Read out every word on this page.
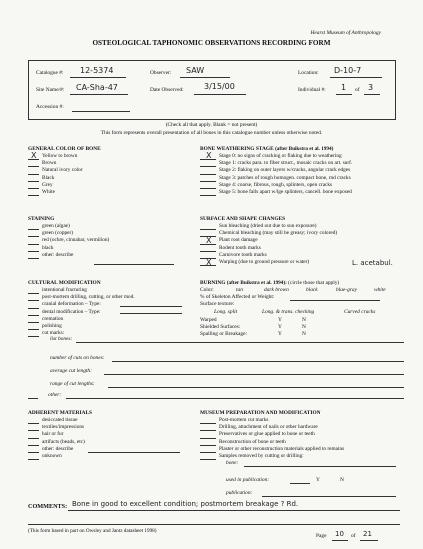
Hearst Museum of Anthropology
OSTEOLOGICAL TAPHONOMIC OBSERVATIONS RECORDING FORM
Catalogue #: 12-5374	Observer: SAW	Location: D-10-7
Site Name/#: CA-Sha-47	Date Observed:	3/15/00	Individual #: 1 of 3
Accession #:
(Check all that apply. Blank = not present)
This form represents overall presentation of all bones in this catalogue number unless otherwise noted.
GENERAL COLOR OF BONE
Yellow to brown
Brown
Natural ivory color
Black
Grey
White
X
BONE WEATHERING STAGE (after Buikstra et al. 1994)
Stage 0: no signs of cracking or flaking due to weathering
Stage 1: cracks para. to fiber struct., mosaic cracks on art. surf.
Stage 2: flaking on outer layers w/cracks, angular crack edges
Stage 3: patches of rough homogen. compact bone, rnd cracks
Stage 4: coarse, fibrous, rough, splinters, open cracks
Stage 5: bone falls apart w/lge splinters, cancell. bone exposed
X
STAINING
green (algae)
green (copper)
red (ochre, cinnabar, vermilion)
black
other: describe
SURFACE AND SHAPE CHANGES
Sun bleaching (dried out due to sun exposure)
Chemical bleaching (may still be greasy; ivory colored)
Plant root damage
Rodent tooth marks
Carnivore tooth marks
Warping (due to ground pressure or water)
X
X	L. acetabul.
CULTURAL MODIFICATION
intentional fracturing
post-mortem drilling, cutting, or other mod.
cranial deformation – Type:
dental modification – Type:
cremation
polishing
cut marks:
list bones:
number of cuts on bones:
average cut length:
range of cut lengths:
other:
BURNING (after Buikstra et al. 1994): (circle those that apply)
Color:	tan	dark brown	black	blue-gray	white
% of Skeleton Affected or Weight:
Surface texture:
Long. split	Long. & trans. checking	Curved cracks
Warped	Y	N
Shielded Surfaces:	Y	N
Spalling or Breakage:	Y	N
ADHERENT MATERIALS
desiccated tissue
textiles/impressions
hair or fur
artifacts (beads, etc)
other: describe
unknown
MUSEUM PREPARATION AND MODIFICATION
Post-mortem cut marks
Drilling, attachment of nails or other hardware
Preservatives or glue applied to bone or teeth
Reconstruction of bone or teeth
Plaster or other reconstruction materials applied to remains
Samples removed by cutting or drilling:
bone:
used in publication:	Y	N
publication:
COMMENTS: Bone in good to excellent condition; postmortem breakage ? Rd.
(This form based in part on Owsley and Jantz datasheet 1998)
Page 10 of 21
